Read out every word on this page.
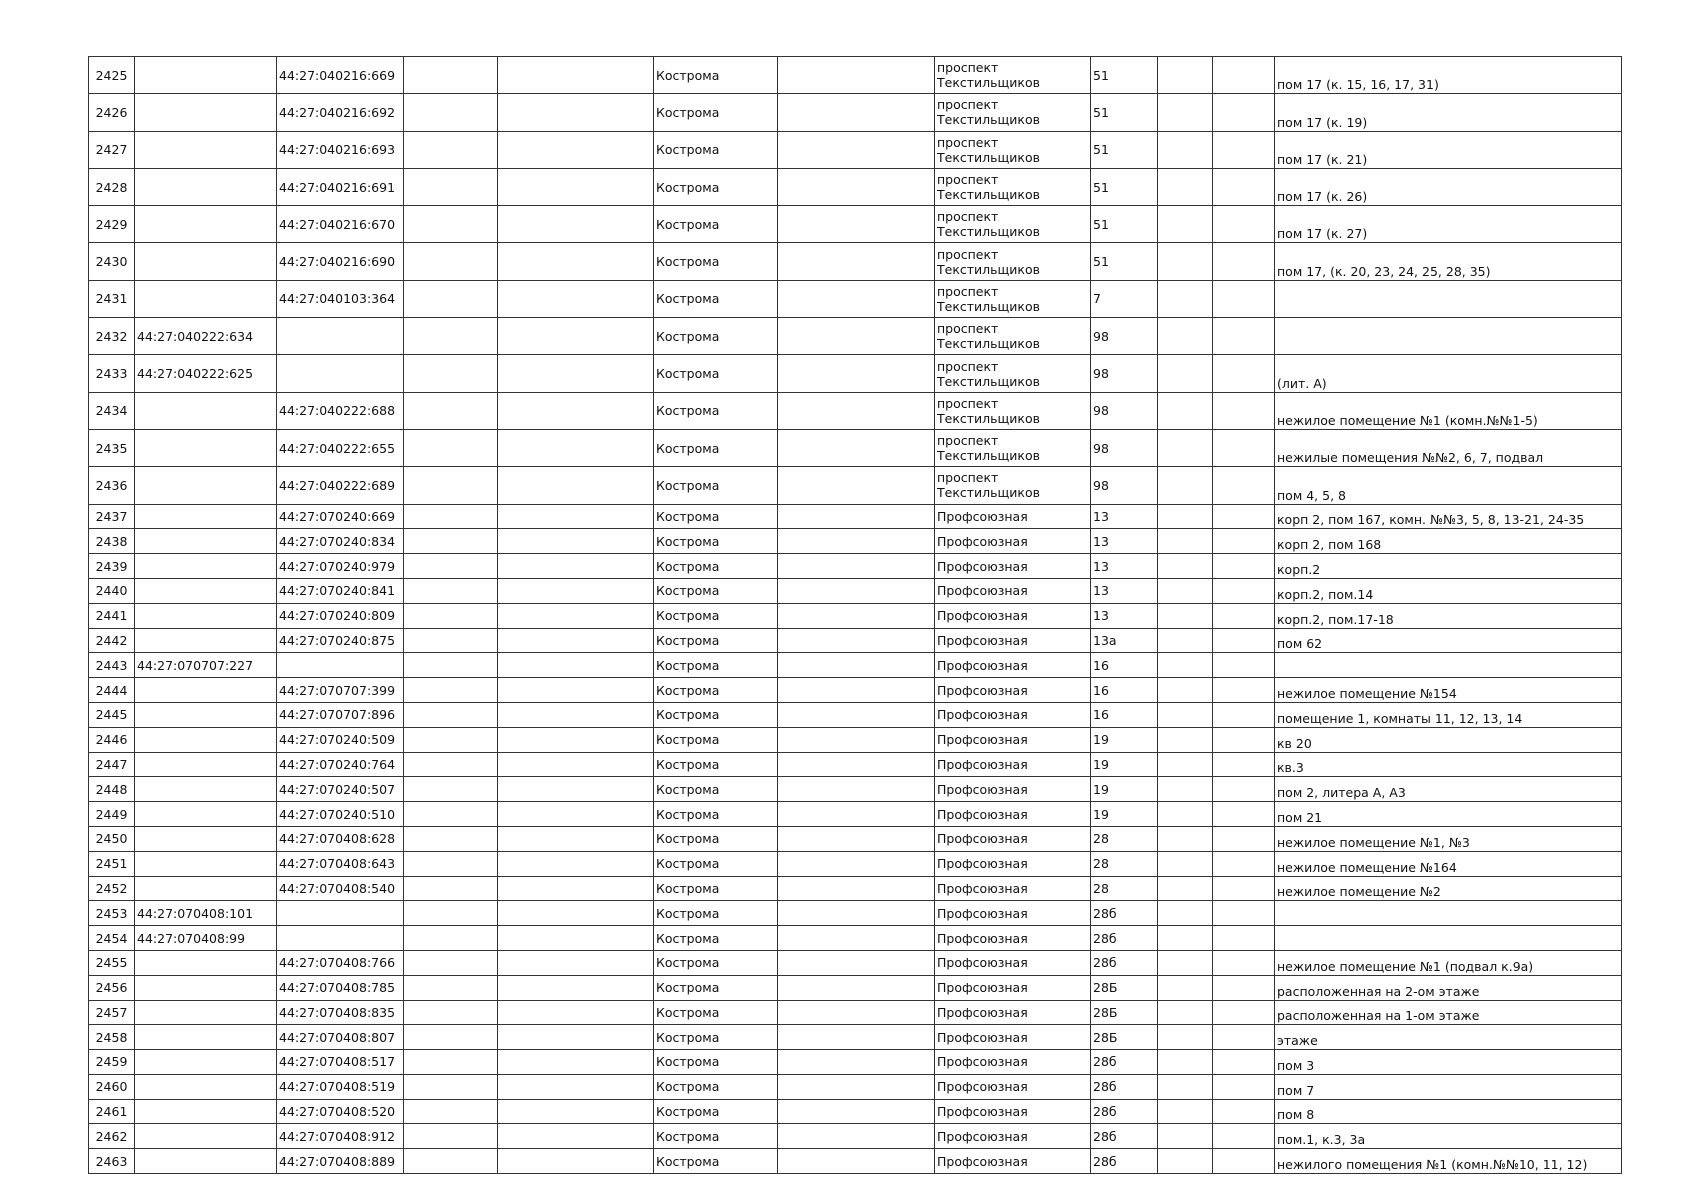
2425		44:27:040216:669			Кострома		проспект
Текстильщиков	51			пом 17 (к. 15, 16, 17, 31)
2426		44:27:040216:692			Кострома		проспект
Текстильщиков	51			пом 17 (к. 19)
2427		44:27:040216:693			Кострома		проспект
Текстильщиков	51			пом 17 (к. 21)
2428		44:27:040216:691			Кострома		проспект
Текстильщиков	51			пом 17 (к. 26)
2429		44:27:040216:670			Кострома		проспект
Текстильщиков	51			пом 17 (к. 27)
2430		44:27:040216:690			Кострома		проспект
Текстильщиков	51			пом 17, (к. 20, 23, 24, 25, 28, 35)
2431		44:27:040103:364			Кострома		проспект
Текстильщиков	7			
2432	44:27:040222:634				Кострома		проспект
Текстильщиков	98			
2433	44:27:040222:625				Кострома		проспект
Текстильщиков	98			(лит. А)
2434		44:27:040222:688			Кострома		проспект
Текстильщиков	98			нежилое помещение №1 (комн.№№1-5)
2435		44:27:040222:655			Кострома		проспект
Текстильщиков	98			нежилые помещения №№2, 6, 7, подвал
2436		44:27:040222:689			Кострома		проспект
Текстильщиков	98			пом 4, 5, 8
2437		44:27:070240:669			Кострома		Профсоюзная	13			корп 2, пом 167, комн. №№3, 5, 8, 13-21, 24-35
2438		44:27:070240:834			Кострома		Профсоюзная	13			корп 2, пом 168
2439		44:27:070240:979			Кострома		Профсоюзная	13			корп.2
2440		44:27:070240:841			Кострома		Профсоюзная	13			корп.2, пом.14
2441		44:27:070240:809			Кострома		Профсоюзная	13			корп.2, пом.17-18
2442		44:27:070240:875			Кострома		Профсоюзная	13а			пом 62
2443	44:27:070707:227				Кострома		Профсоюзная	16			
2444		44:27:070707:399			Кострома		Профсоюзная	16			нежилое помещение №154
2445		44:27:070707:896			Кострома		Профсоюзная	16			помещение 1, комнаты 11, 12, 13, 14
2446		44:27:070240:509			Кострома		Профсоюзная	19			кв 20
2447		44:27:070240:764			Кострома		Профсоюзная	19			кв.3
2448		44:27:070240:507			Кострома		Профсоюзная	19			пом 2, литера А, А3
2449		44:27:070240:510			Кострома		Профсоюзная	19			пом 21
2450		44:27:070408:628			Кострома		Профсоюзная	28			нежилое помещение №1, №3
2451		44:27:070408:643			Кострома		Профсоюзная	28			нежилое помещение №164
2452		44:27:070408:540			Кострома		Профсоюзная	28			нежилое помещение №2
2453	44:27:070408:101				Кострома		Профсоюзная	28б			
2454	44:27:070408:99				Кострома		Профсоюзная	28б			
2455		44:27:070408:766			Кострома		Профсоюзная	28б			нежилое помещение №1 (подвал к.9а)
2456		44:27:070408:785			Кострома		Профсоюзная	28Б			расположенная на 2-ом этаже
2457		44:27:070408:835			Кострома		Профсоюзная	28Б			расположенная на 1-ом этаже
2458		44:27:070408:807			Кострома		Профсоюзная	28Б			этаже
2459		44:27:070408:517			Кострома		Профсоюзная	28б			пом 3
2460		44:27:070408:519			Кострома		Профсоюзная	28б			пом 7
2461		44:27:070408:520			Кострома		Профсоюзная	28б			пом 8
2462		44:27:070408:912			Кострома		Профсоюзная	28б			пом.1, к.3, 3а
2463		44:27:070408:889			Кострома		Профсоюзная	28б			нежилого помещения №1 (комн.№№10, 11, 12)
